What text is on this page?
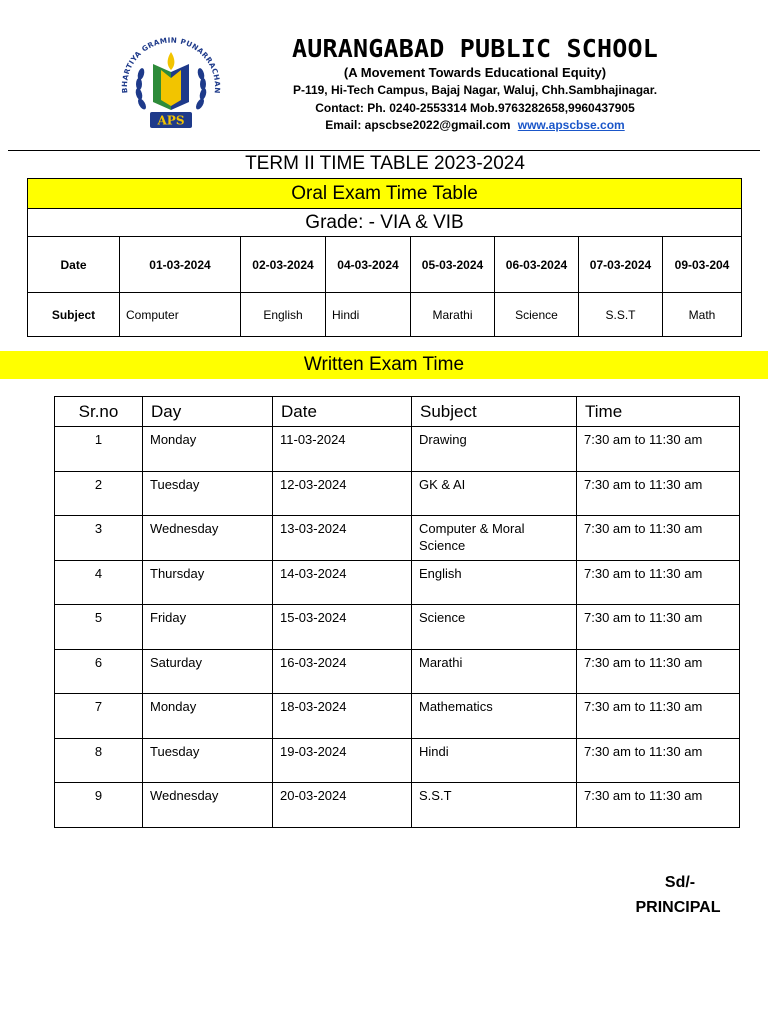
BHARTIYA GRAMIN PUNARRACHAN
APS
AURANGABAD PUBLIC SCHOOL
(A Movement Towards Educational Equity)
P-119, Hi-Tech Campus, Bajaj Nagar, Waluj, Chh.Sambhajinagar.
Contact: Ph. 0240-2553314 Mob.9763282658,9960437905
Email: apscbse2022@gmail.com www.apscbse.com
TERM II TIME TABLE 2023-2024
Oral Exam Time Table							
Grade: - VIA & VIB							
Date	01-03-2024	02-03-2024	04-03-2024	05-03-2024	06-03-2024	07-03-2024	09-03-204
Subject	Computer	English	Hindi	Marathi	Science	S.S.T	Math
Written Exam Time
Sr.no	Day	Date	Subject	Time
1	Monday	11-03-2024	Drawing	7:30 am to 11:30 am
2	Tuesday	12-03-2024	GK & AI	7:30 am to 11:30 am
3	Wednesday	13-03-2024	Computer & Moral Science	7:30 am to 11:30 am
4	Thursday	14-03-2024	English	7:30 am to 11:30 am
5	Friday	15-03-2024	Science	7:30 am to 11:30 am
6	Saturday	16-03-2024	Marathi	7:30 am to 11:30 am
7	Monday	18-03-2024	Mathematics	7:30 am to 11:30 am
8	Tuesday	19-03-2024	Hindi	7:30 am to 11:30 am
9	Wednesday	20-03-2024	S.S.T	7:30 am to 11:30 am
Sd/-
PRINCIPAL
